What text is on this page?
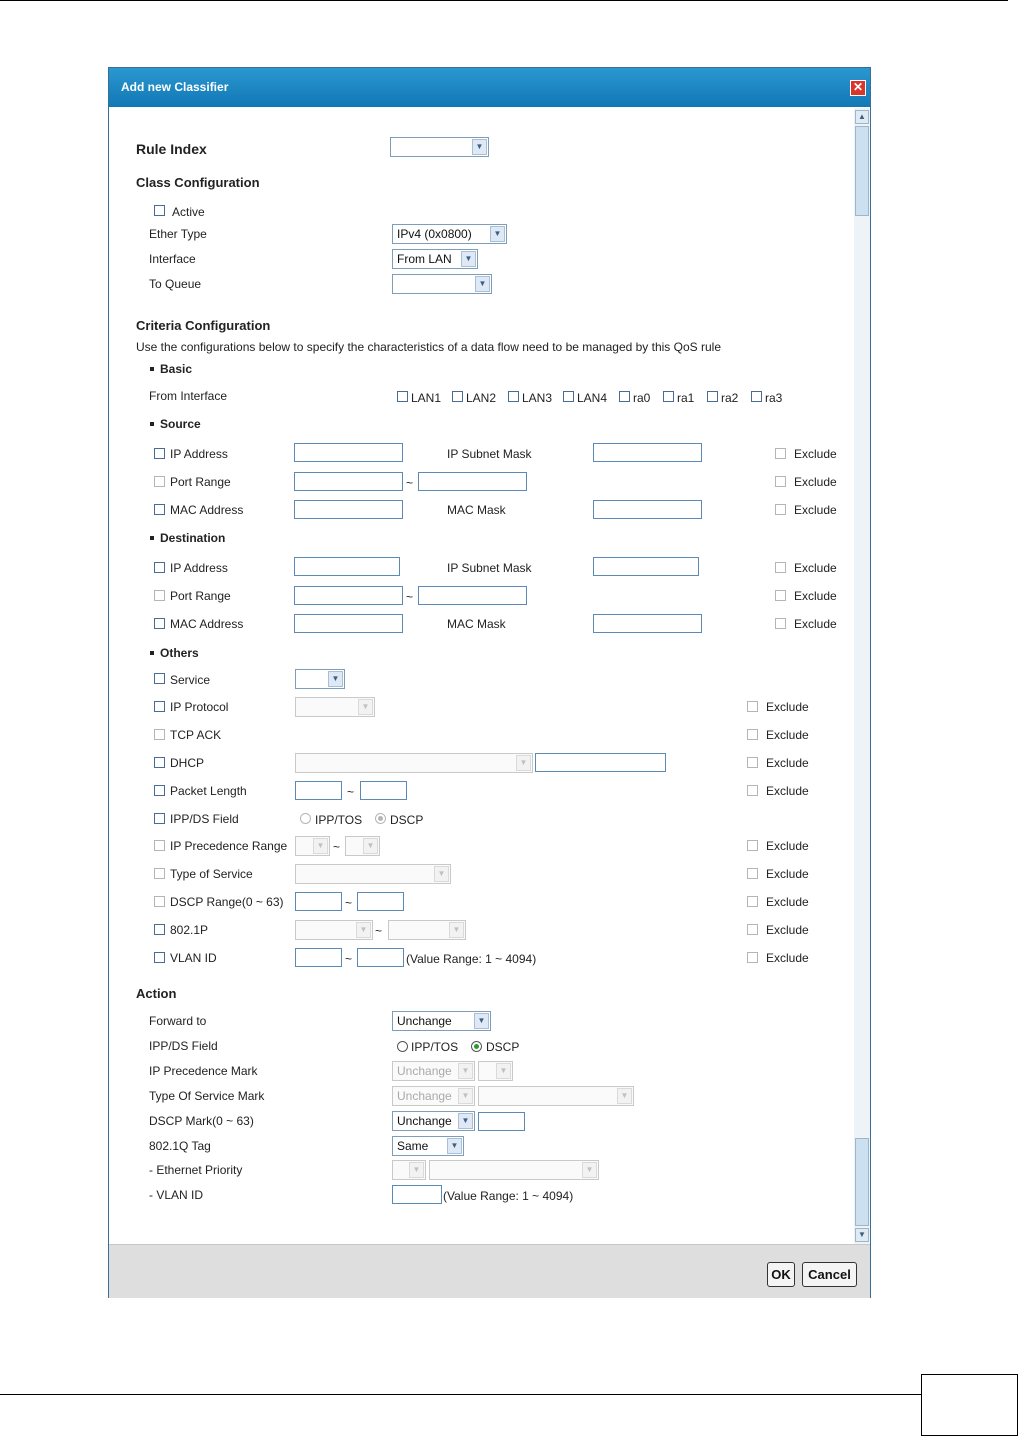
Add new Classifier	✕
Rule Index	▼
Class Configuration
Active
Ether Type	IPv4 (0x0800)	▼
Interface	From LAN	▼
To Queue	▼
Criteria Configuration
Use the configurations below to specify the characteristics of a data flow need to be managed by this QoS rule
Basic
From Interface	LAN1 LAN2 LAN3 LAN4 ra0 ra1 ra2 ra3
Source
IP Address	IP Subnet Mask	Exclude
Port Range	~	Exclude
MAC Address	MAC Mask	Exclude
Destination
IP Address	IP Subnet Mask	Exclude
Port Range	~	Exclude
MAC Address	MAC Mask	Exclude
Others
Service	▼
IP Protocol	▼	Exclude
TCP ACK	Exclude
DHCP	▼	Exclude
Packet Length	~	Exclude
IPP/DS Field	IPP/TOS DSCP
IP Precedence Range	▼ ~	▼	Exclude
Type of Service	▼	Exclude
DSCP Range(0 ~ 63)	~	Exclude
802.1P	▼ ~	▼	Exclude
VLAN ID	~	(Value Range: 1 ~ 4094)	Exclude
Action
Forward to	Unchange	▼
IPP/DS Field	IPP/TOS DSCP
IP Precedence Mark	Unchange	▼	▼
Type Of Service Mark	Unchange	▼	▼
DSCP Mark(0 ~ 63)	Unchange	▼
802.1Q Tag	Same	▼
- Ethernet Priority	▼	▼
- VLAN ID	(Value Range: 1 ~ 4094)
▲
▼
OK	Cancel
